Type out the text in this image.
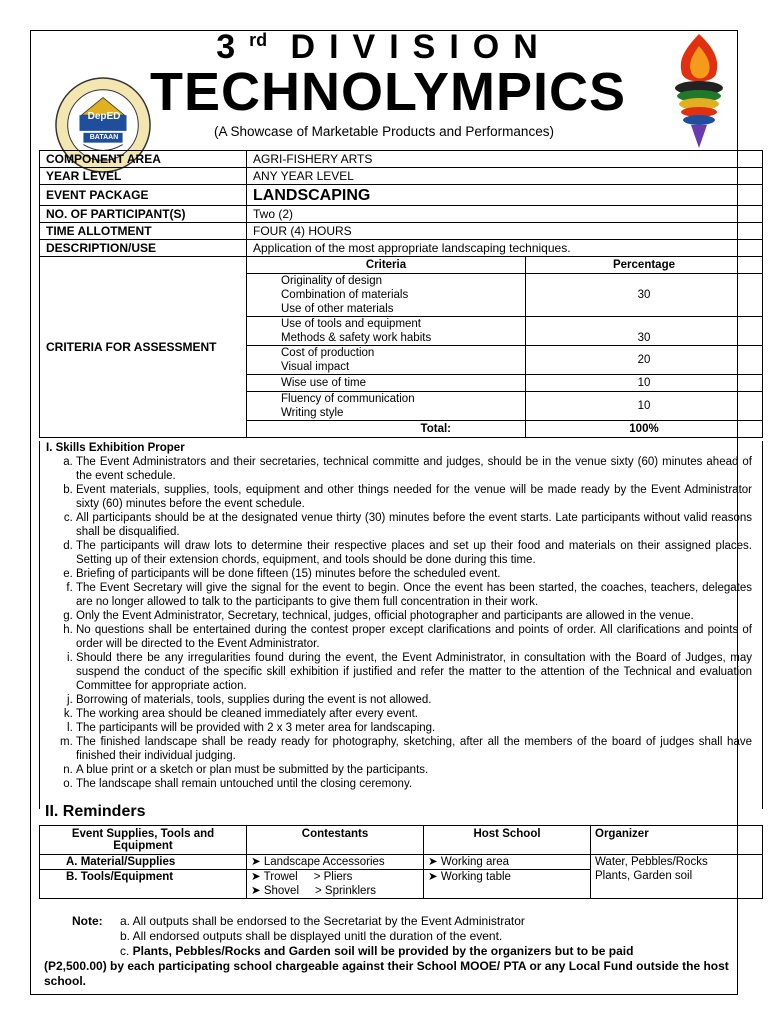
DepED
BATAAN
3rd DIVISION
TECHNOLYMPICS
(A Showcase of Marketable Products and Performances)
COMPONENT AREA	AGRI-FISHERY ARTS
YEAR LEVEL	ANY YEAR LEVEL
EVENT PACKAGE	LANDSCAPING
NO. OF PARTICIPANT(S)	Two (2)
TIME ALLOTMENT	FOUR (4) HOURS
DESCRIPTION/USE	Application of the most appropriate landscaping techniques.
CRITERIA FOR ASSESSMENT	
Criteria	Percentage

Originality of design
Combination of materials
Use of other materials
	30

Use of tools and equipment
Methods & safety work habits	30

Cost of production
Visual impact
	20

Wise use of time	10

Fluency of communication
Writing style
	10
Total:	100%
I. Skills Exhibition Proper
a. The Event Administrators and their secretaries, technical committe and judges, should be in the venue sixty (60) minutes ahead of the event schedule.
b. Event materials, supplies, tools, equipment and other things needed for the venue will be made ready by the Event Administrator sixty (60) minutes before the event schedule.
c. All participants should be at the designated venue thirty (30) minutes before the event starts. Late participants without valid reasons shall be disqualified.
d. The participants will draw lots to determine their respective places and set up their food and materials on their assigned places. Setting up of their extension chords, equipment, and tools should be done during this time.
e. Briefing of participants will be done fifteen (15) minutes before the scheduled event.
f. The Event Secretary will give the signal for the event to begin. Once the event has been started, the coaches, teachers, delegates are no longer allowed to talk to the participants to give them full concentration in their work.
g. Only the Event Administrator, Secretary, technical, judges, official photographer and participants are allowed in the venue.
h. No questions shall be entertained during the contest proper except clarifications and points of order. All clarifications and points of order will be directed to the Event Administrator.
i. Should there be any irregularities found during the event, the Event Administrator, in consultation with the Board of Judges, may suspend the conduct of the specific skill exhibition if justified and refer the matter to the attention of the Technical and evaluation Committee for appropriate action.
j. Borrowing of materials, tools, supplies during the event is not allowed.
k. The working area should be cleaned immediately after every event.
l. The participants will be provided with 2 x 3 meter area for landscaping.
m. The finished landscape shall be ready ready for photography, sketching, after all the members of the board of judges shall have finished their individual judging.
n. A blue print or a sketch or plan must be submitted by the participants.
o. The landscape shall remain untouched until the closing ceremony.
II. Reminders
Event Supplies, Tools and Equipment	Contestants	Host School	Organizer
A. Material/Supplies	➤ Landscape Accessories	➤ Working area	Water, Pebbles/Rocks
Plants, Garden soil

B. Tools/Equipment	➤ Trowel     > Pliers
➤ Shovel     > Sprinklers	➤ Working table	
Note: a. All outputs shall be endorsed to the Secretariat by the Event Administrator
b. All endorsed outputs shall be displayed unitl the duration of the event.
c. Plants, Pebbles/Rocks and Garden soil will be provided by the organizers but to be paid
(P2,500.00) by each participating school chargeable against their School MOOE/ PTA or any Local Fund outside the host school.
